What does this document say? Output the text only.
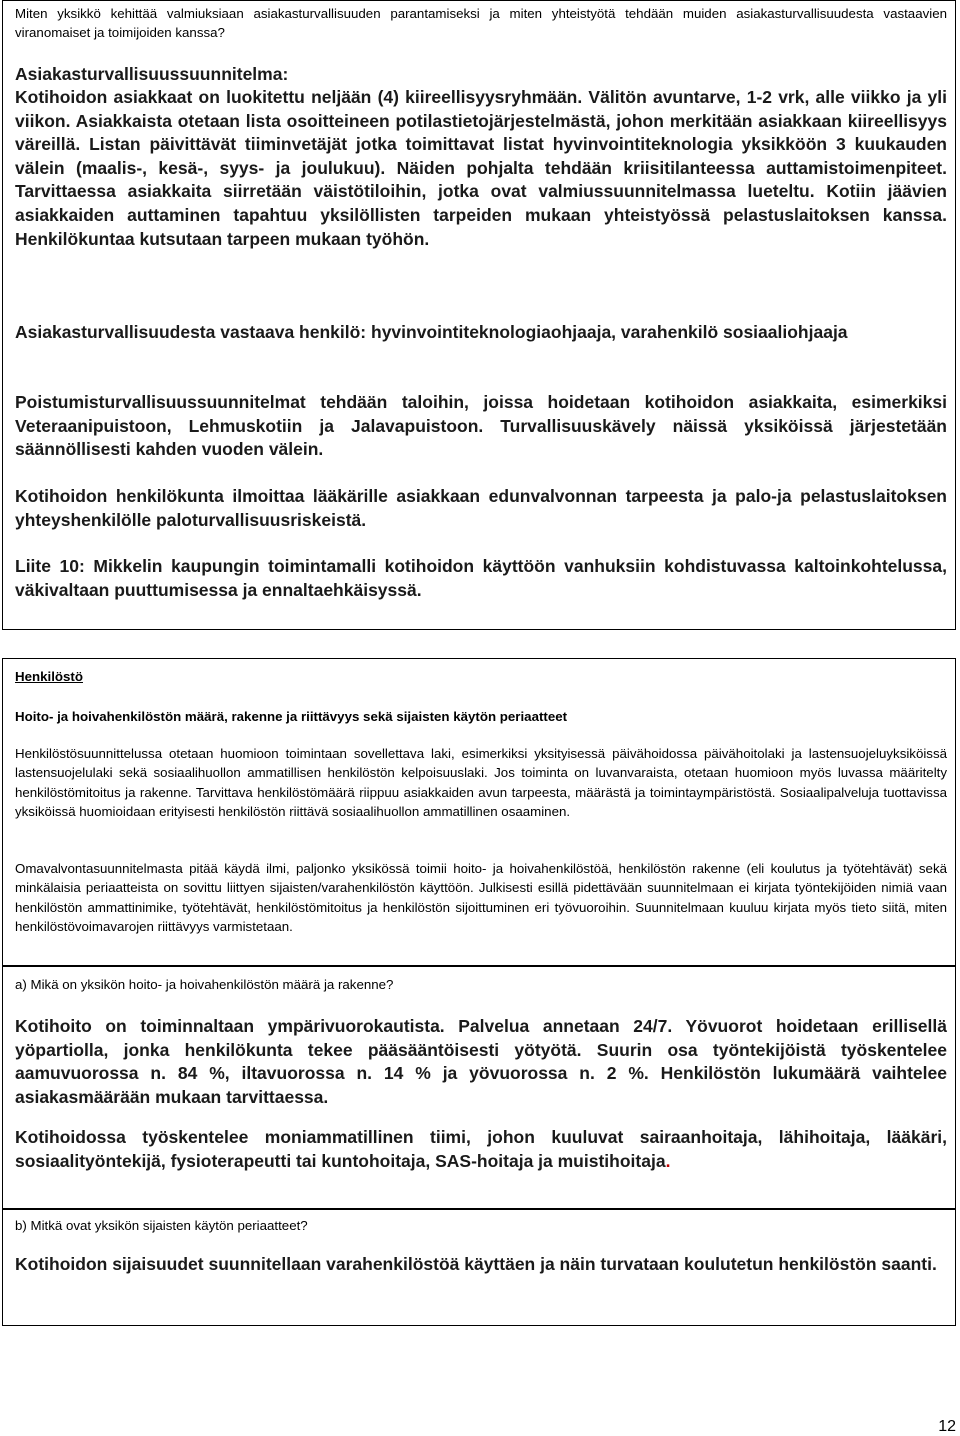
Miten yksikkö kehittää valmiuksiaan asiakasturvallisuuden parantamiseksi ja miten yhteistyötä tehdään muiden asiakasturvallisuudesta vastaavien viranomaiset ja toimijoiden kanssa?

Asiakasturvallisuussuunnitelma:

Kotihoidon asiakkaat on luokitettu neljään (4) kiireellisyysryhmään. Välitön avuntarve, 1-2 vrk, alle viikko ja yli viikon. Asiakkaista otetaan lista osoitteineen potilastietojärjestelmästä, johon merkitään asiakkaan kiireellisyys väreillä. Listan päivittävät tiiminvetäjät jotka toimittavat listat hyvinvointiteknologia yksikköön 3 kuukauden välein (maalis-, kesä-, syys- ja joulukuu). Näiden pohjalta tehdään kriisitilanteessa auttamistoimenpiteet. Tarvittaessa asiakkaita siirretään väistötiloihin, jotka ovat valmiussuunnitelmassa lueteltu. Kotiin jäävien asiakkaiden auttaminen tapahtuu yksilöllisten tarpeiden mukaan yhteistyössä pelastuslaitoksen kanssa. Henkilökuntaa kutsutaan tarpeen mukaan työhön.

Asiakasturvallisuudesta vastaava henkilö: hyvinvointiteknologiaohjaaja, varahenkilö sosiaaliohjaaja

Poistumisturvallisuussuunnitelmat tehdään taloihin, joissa hoidetaan kotihoidon asiakkaita, esimerkiksi Veteraanipuistoon, Lehmuskotiin ja Jalavapuistoon. Turvallisuuskävely näissä yksiköissä järjestetään säännöllisesti kahden vuoden välein.

Kotihoidon henkilökunta ilmoittaa lääkärille asiakkaan edunvalvonnan tarpeesta ja palo-ja pelastuslaitoksen yhteyshenkilölle paloturvallisuusriskeistä.

Liite 10: Mikkelin kaupungin toimintamalli kotihoidon käyttöön vanhuksiin kohdistuvassa kaltoinkohtelussa, väkivaltaan puuttumisessa ja ennaltaehkäisyssä.

Henkilöstö

Hoito- ja hoivahenkilöstön määrä, rakenne ja riittävyys sekä sijaisten käytön periaatteet

Henkilöstösuunnittelussa otetaan huomioon toimintaan sovellettava laki, esimerkiksi yksityisessä päivähoidossa päivähoitolaki ja lastensuojeluyksiköissä lastensuojelulaki sekä sosiaalihuollon ammatillisen henkilöstön kelpoisuuslaki. Jos toiminta on luvanvaraista, otetaan huomioon myös luvassa määritelty henkilöstömitoitus ja rakenne. Tarvittava henkilöstömäärä riippuu asiakkaiden avun tarpeesta, määrästä ja toimintaympäristöstä. Sosiaalipalveluja tuottavissa yksiköissä huomioidaan erityisesti henkilöstön riittävä sosiaalihuollon ammatillinen osaaminen.

Omavalvontasuunnitelmasta pitää käydä ilmi, paljonko yksikössä toimii hoito- ja hoivahenkilöstöä, henkilöstön rakenne (eli koulutus ja työtehtävät) sekä minkälaisia periaatteista on sovittu liittyen sijaisten/varahenkilöstön käyttöön. Julkisesti esillä pidettävään suunnitelmaan ei kirjata työntekijöiden nimiä vaan henkilöstön ammattinimike, työtehtävät, henkilöstömitoitus ja henkilöstön sijoittuminen eri työvuoroihin. Suunnitelmaan kuuluu kirjata myös tieto siitä, miten henkilöstövoimavarojen riittävyys varmistetaan.

a) Mikä on yksikön hoito- ja hoivahenkilöstön määrä ja rakenne?

Kotihoito on toiminnaltaan ympärivuorokautista. Palvelua annetaan 24/7. Yövuorot hoidetaan erillisellä yöpartiolla, jonka henkilökunta tekee pääsääntöisesti yötyötä. Suurin osa työntekijöistä työskentelee aamuvuorossa n. 84 %, iltavuorossa n. 14 % ja yövuorossa n. 2 %. Henkilöstön lukumäärä vaihtelee asiakasmäärään mukaan tarvittaessa.

Kotihoidossa työskentelee moniammatillinen tiimi, johon kuuluvat sairaanhoitaja, lähihoitaja, lääkäri, sosiaalityöntekijä, fysioterapeutti tai kuntohoitaja, SAS-hoitaja ja muistihoitaja.

b) Mitkä ovat yksikön sijaisten käytön periaatteet?

Kotihoidon sijaisuudet suunnitellaan varahenkilöstöä käyttäen ja näin turvataan koulutetun henkilöstön saanti.

12
